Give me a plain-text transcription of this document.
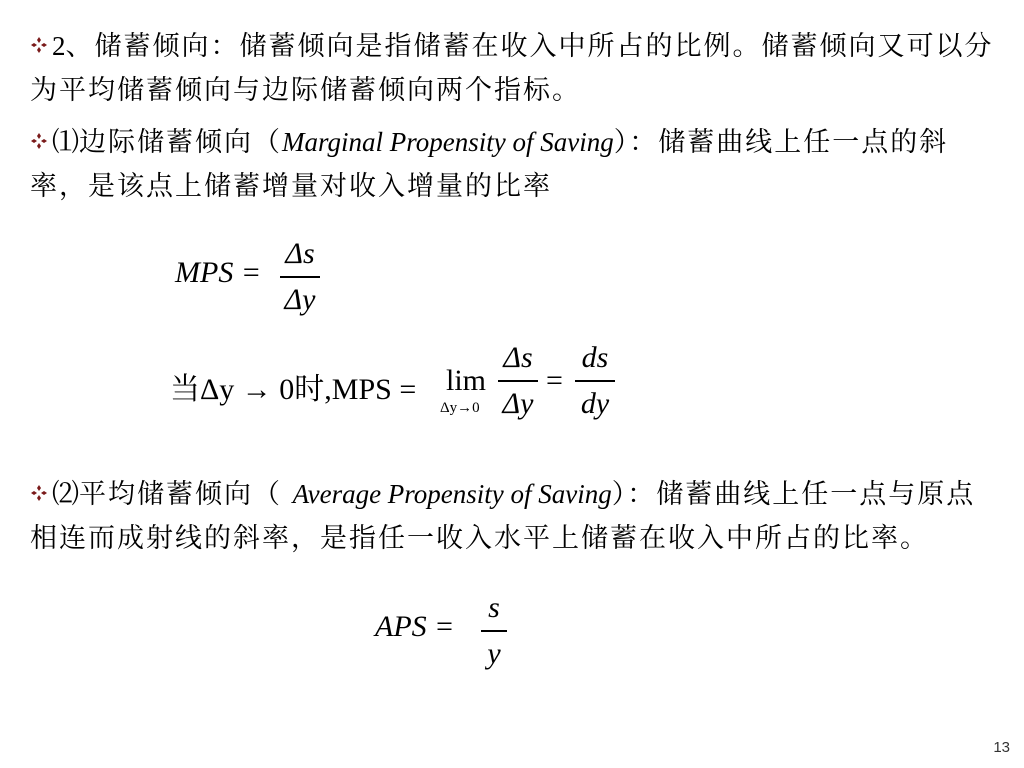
2、储蓄倾向：储蓄倾向是指储蓄在收入中所占的比例。储蓄倾向又可以分为平均储蓄倾向与边际储蓄倾向两个指标。
⑴边际储蓄倾向（Marginal Propensity of Saving）：储蓄曲线上任一点的斜率，是该点上储蓄增量对收入增量的比率
MPS =
Δs
Δy
当Δy → 0时,MPS = lim
Δy→0
Δs
Δy
=
ds
dy
⑵平均储蓄倾向（ Average Propensity of Saving）：储蓄曲线上任一点与原点相连而成射线的斜率，是指任一收入水平上储蓄在收入中所占的比率。
APS =
s
y
13
